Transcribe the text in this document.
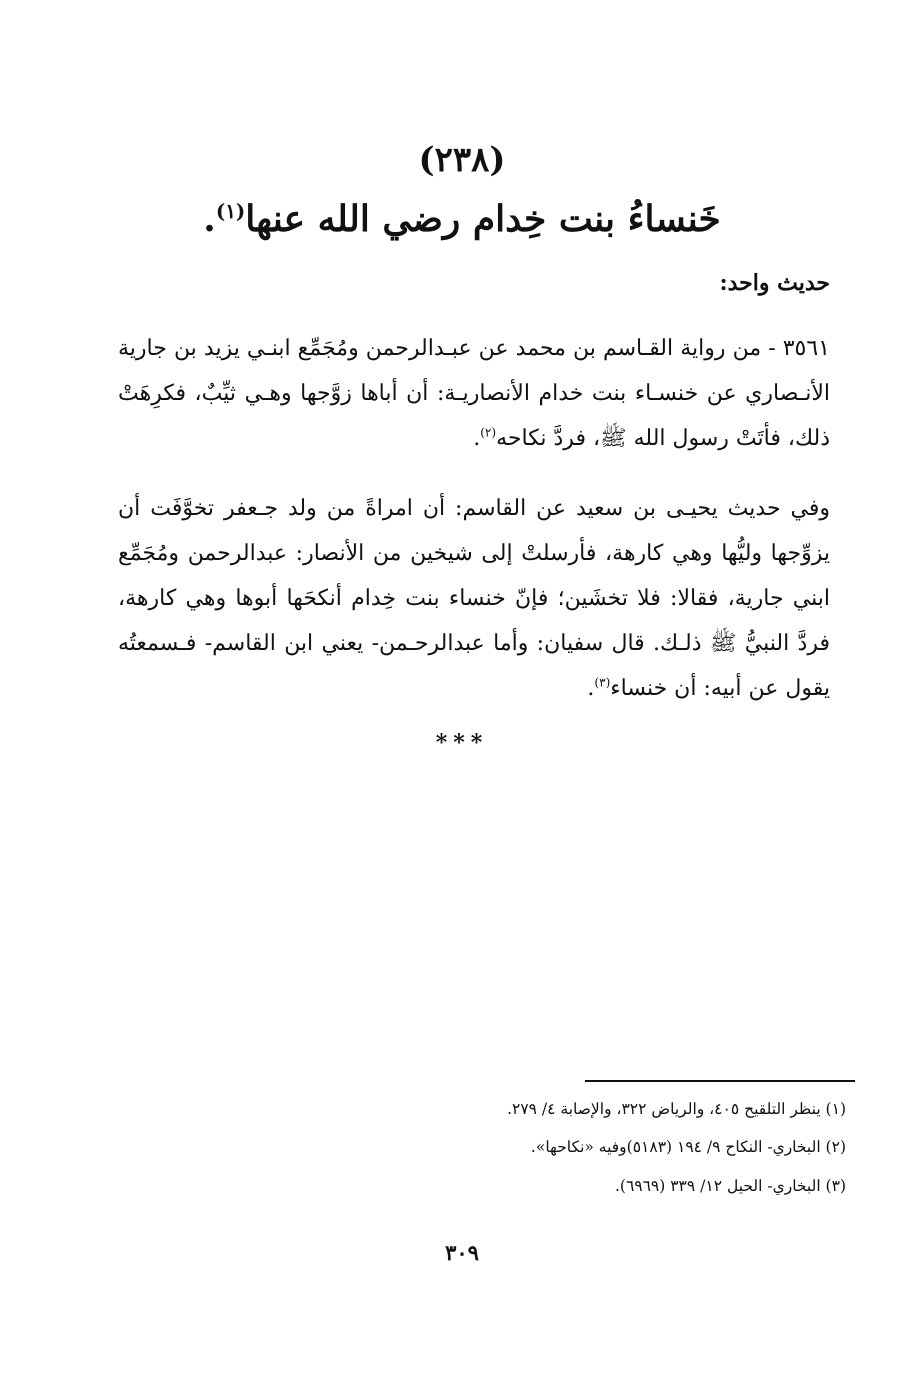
(٢٣٨)
خَنساءُ بنت خِدام رضي الله عنها$^{(١)}$.
حديث واحد:
٣٥٦١ - من رواية القـاسم بن محمد عن عبـدالرحمن ومُجَمِّع ابنـي يزيد بن جارية الأنـصاري عن خنسـاء بنت خدام الأنصاريـة: أن أباها زوَّجها وهـي ثيِّبٌ، فكرِهَتْ ذلك، فأتَتْ رسول الله ﷺ، فردَّ نكاحه$^{(٢)}$.
وفي حديث يحيـى بن سعيد عن القاسم: أن امراةً من ولد جـعفر تخوَّفَت أن يزوِّجها وليُّها وهي كارهة، فأرسلتْ إلى شيخين من الأنصار: عبدالرحمن ومُجَمِّع ابني جارية، فقالا: فلا تخشَين؛ فإنّ خنساء بنت خِدام أنكحَها أبوها وهي كارهة، فردَّ النبيُّ ﷺ ذلـك. قال سفيان: وأما عبدالرحـمن- يعني ابن القاسم- فـسمعتُه يقول عن أبيه: أن خنساء$^{(٣)}$.
***
(١) ينظر التلقيح ٤٠٥، والرياض ٣٢٢، والإصابة ٤/ ٢٧٩.
(٢) البخاري- النكاح ٩/ ١٩٤ (٥١٨٣)وفيه «نكاحها».
(٣) البخاري- الحيل ١٢/ ٣٣٩ (٦٩٦٩).
٣٠٩
